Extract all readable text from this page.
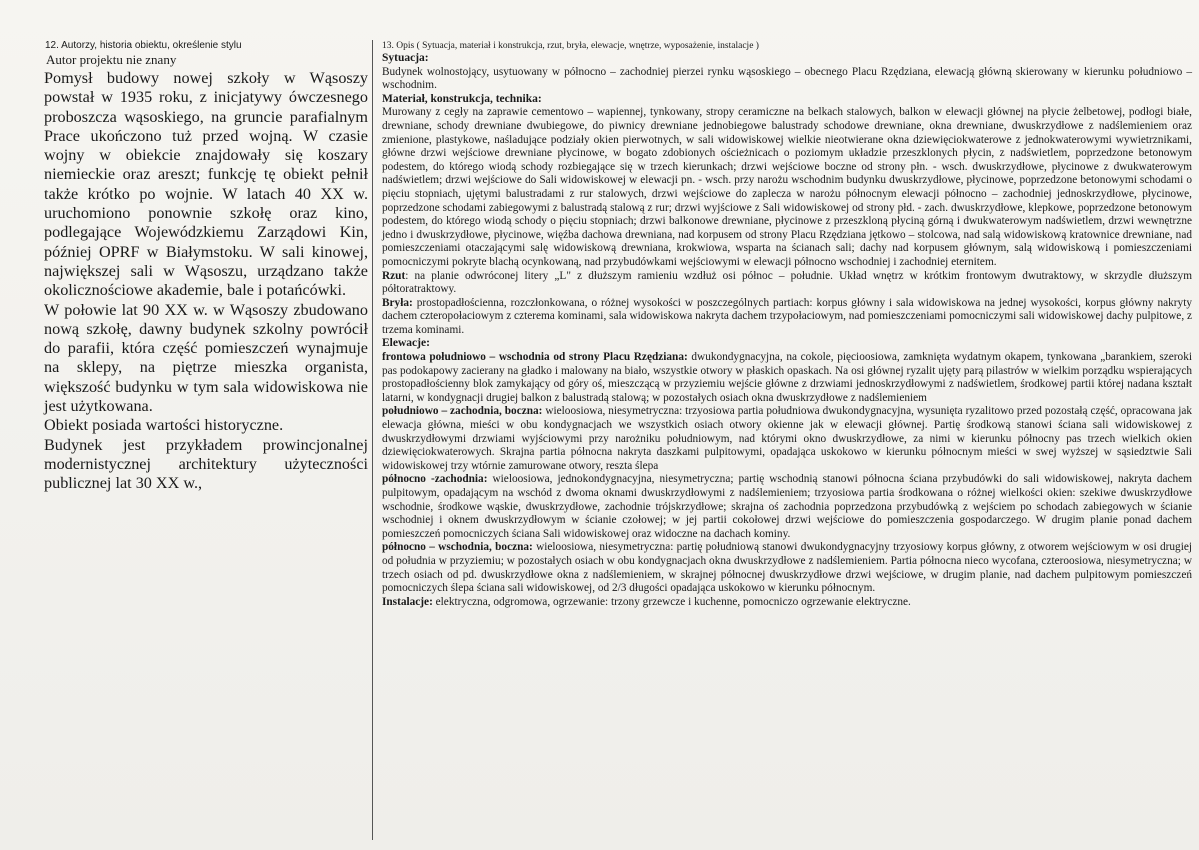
12. Autorzy, historia obiektu, określenie stylu
Autor projektu nie znany

Pomysł budowy nowej szkoły w Wąsoszy powstał w 1935 roku, z inicjatywy ówczesnego proboszcza wąsoskiego, na gruncie parafialnym Prace ukończono tuż przed wojną. W czasie wojny w obiekcie znajdowały się koszary niemieckie oraz areszt; funkcję tę obiekt pełnił także krótko po wojnie. W latach 40 XX w. uruchomiono ponownie szkołę oraz kino, podlegające Wojewódzkiemu Zarządowi Kin, później OPRF w Białymstoku. W sali kinowej, największej sali w Wąsoszu, urządzano także okolicznościowe akademie, bale i potańcówki.

W połowie lat 90 XX w. w Wąsoszy zbudowano nową szkołę, dawny budynek szkolny powrócił do parafii, która część pomieszczeń wynajmuje na sklepy, na piętrze mieszka organista, większość budynku w tym sala widowiskowa nie jest użytkowana.

Obiekt posiada wartości historyczne.

Budynek jest przykładem prowincjonalnej modernistycznej architektury użyteczności publicznej lat 30 XX w.,

13. Opis ( Sytuacja, materiał i konstrukcja, rzut, bryła, elewacje, wnętrze, wyposażenie, instalacje )

Sytuacja:

Budynek wolnostojący, usytuowany w północno – zachodniej pierzei rynku wąsoskiego – obecnego Placu Rzędziana, elewacją główną skierowany w kierunku południowo – wschodnim.

Materiał, konstrukcja, technika:

Murowany z cegły na zaprawie cementowo – wapiennej, tynkowany, stropy ceramiczne na belkach stalowych, balkon w elewacji głównej na płycie żelbetowej, podłogi białe, drewniane, schody drewniane dwubiegowe, do piwnicy drewniane jednobiegowe balustrady schodowe drewniane, okna drewniane, dwuskrzydłowe z nadślemieniem oraz zmienione, plastykowe, naśladujące podziały okien pierwotnych, w sali widowiskowej wielkie nieotwierane okna dziewięciokwaterowe z jednokwaterowymi wywietrznikami, główne drzwi wejściowe drewniane płycinowe, w bogato zdobionych ościeżnicach o poziomym układzie przeszklonych płycin, z nadświetlem, poprzedzone betonowym podestem, do którego wiodą schody rozbiegające się w trzech kierunkach; drzwi wejściowe boczne od strony płn. - wsch. dwuskrzydłowe, płycinowe z dwukwaterowym nadświetlem; drzwi wejściowe do Sali widowiskowej w elewacji pn. - wsch. przy narożu wschodnim budynku dwuskrzydłowe, płycinowe, poprzedzone betonowymi schodami o pięciu stopniach, ujętymi balustradami z rur stalowych, drzwi wejściowe do zaplecza w narożu północnym elewacji północno – zachodniej jednoskrzydłowe, płycinowe, poprzedzone schodami zabiegowymi z balustradą stalową z rur; drzwi wyjściowe z Sali widowiskowej od strony płd. - zach. dwuskrzydłowe, klepkowe, poprzedzone betonowym podestem, do którego wiodą schody o pięciu stopniach; drzwi balkonowe drewniane, płycinowe z przeszkloną płyciną górną i dwukwaterowym nadświetlem, drzwi wewnętrzne jedno i dwuskrzydłowe, płycinowe, więźba dachowa drewniana, nad korpusem od strony Placu Rzędziana jętkowo – stolcowa, nad salą widowiskową kratownice drewniane, nad pomieszczeniami otaczającymi salę widowiskową drewniana, krokwiowa, wsparta na ścianach sali; dachy nad korpusem głównym, salą widowiskową i pomieszczeniami pomocniczymi pokryte blachą ocynkowaną, nad przybudówkami wejściowymi w elewacji północno wschodniej i zachodniej eternitem.

Rzut: na planie odwróconej litery „L" z dłuższym ramieniu wzdłuż osi północ – południe. Układ wnętrz w krótkim frontowym dwutraktowy, w skrzydle dłuższym półtoratraktowy.

Bryła: prostopadłościenna, rozczłonkowana, o różnej wysokości w poszczególnych partiach: korpus główny i sala widowiskowa na jednej wysokości, korpus główny nakryty dachem czteropołaciowym z czterema kominami, sala widowiskowa nakryta dachem trzypołaciowym, nad pomieszczeniami pomocniczymi sali widowiskowej dachy pulpitowe, z trzema kominami.

Elewacje:

frontowa południowo – wschodnia od strony Placu Rzędziana: dwukondygnacyjna, na cokole, pięcioosiowa, zamknięta wydatnym okapem, tynkowana „barankiem, szeroki pas podokapowy zacierany na gładko i malowany na biało, wszystkie otwory w płaskich opaskach. Na osi głównej ryzalit ujęty parą pilastrów w wielkim porządku wspierających prostopadłościenny blok zamykający od góry oś, mieszczącą w przyziemiu wejście główne z drzwiami jednoskrzydłowymi z nadświetlem, środkowej partii której nadana kształt latarni, w kondygnacji drugiej balkon z balustradą stalową; w pozostałych osiach okna dwuskrzydłowe z nadślemieniem

południowo – zachodnia, boczna: wieloosiowa, niesymetryczna: trzyosiowa partia południowa dwukondygnacyjna, wysunięta ryzalitowo przed pozostałą część, opracowana jak elewacja główna, mieści w obu kondygnacjach we wszystkich osiach otwory okienne jak w elewacji głównej. Partię środkową stanowi ściana sali widowiskowej z dwuskrzydłowymi drzwiami wyjściowymi przy narożniku południowym, nad którymi okno dwuskrzydłowe, za nimi w kierunku północny pas trzech wielkich okien dziewięciokwaterowych. Skrajna partia północna nakryta daszkami pulpitowymi, opadająca uskokowo w kierunku północnym mieści w swej wyższej w sąsiedztwie Sali widowiskowej trzy wtórnie zamurowane otwory, reszta ślepa

północno -zachodnia: wieloosiowa, jednokondygnacyjna, niesymetryczna; partię wschodnią stanowi północna ściana przybudówki do sali widowiskowej, nakryta dachem pulpitowym, opadającym na wschód z dwoma oknami dwuskrzydłowymi z nadślemieniem; trzyosiowa partia środkowana o różnej wielkości okien: szekiwe dwuskrzydłowe wschodnie, środkowe wąskie, dwuskrzydłowe, zachodnie trójskrzydłowe; skrajna oś zachodnia poprzedzona przybudówką z wejściem po schodach zabiegowych w ścianie wschodniej i oknem dwuskrzydłowym w ścianie czołowej; w jej partii cokołowej drzwi wejściowe do pomieszczenia gospodarczego. W drugim planie ponad dachem pomieszczeń pomocniczych ściana Sali widowiskowej oraz widoczne na dachach kominy.

północno – wschodnia, boczna: wieloosiowa, niesymetryczna: partię południową stanowi dwukondygnacyjny trzyosiowy korpus główny, z otworem wejściowym w osi drugiej od południa w przyziemiu; w pozostałych osiach w obu kondygnacjach okna dwuskrzydłowe z nadślemieniem. Partia północna nieco wycofana, czteroosiowa, niesymetryczna; w trzech osiach od pd. dwuskrzydłowe okna z nadślemieniem, w skrajnej północnej dwuskrzydłowe drzwi wejściowe, w drugim planie, nad dachem pulpitowym pomieszczeń pomocniczych ślepa ściana sali widowiskowej, od 2/3 długości opadająca uskokowo w kierunku północnym.

Instalacje: elektryczna, odgromowa, ogrzewanie: trzony grzewcze i kuchenne, pomocniczo ogrzewanie elektryczne.
